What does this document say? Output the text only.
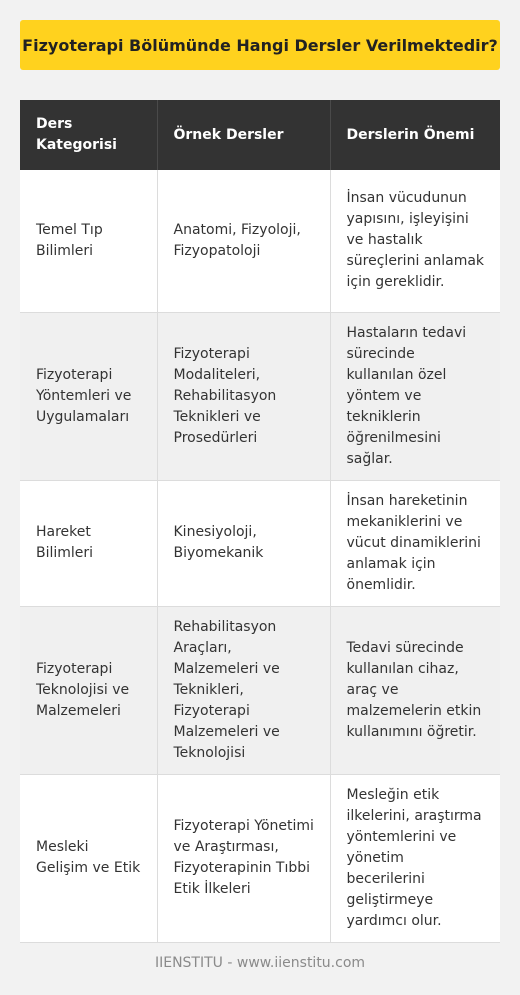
Fizyoterapi Bölümünde Hangi Dersler Verilmektedir?
Ders Kategorisi	Örnek Dersler	Derslerin Önemi
Temel Tıp Bilimleri	Anatomi, Fizyoloji, Fizyopatoloji	İnsan vücudunun yapısını, işleyişini ve hastalık süreçlerini anlamak için gereklidir.
Fizyoterapi Yöntemleri ve Uygulamaları	Fizyoterapi Modaliteleri, Rehabilitasyon Teknikleri ve Prosedürleri	Hastaların tedavi sürecinde kullanılan özel yöntem ve tekniklerin öğrenilmesini sağlar.
Hareket Bilimleri	Kinesiyoloji, Biyomekanik	İnsan hareketinin mekaniklerini ve vücut dinamiklerini anlamak için önemlidir.
Fizyoterapi Teknolojisi ve Malzemeleri	Rehabilitasyon Araçları, Malzemeleri ve Teknikleri, Fizyoterapi Malzemeleri ve Teknolojisi	Tedavi sürecinde kullanılan cihaz, araç ve malzemelerin etkin kullanımını öğretir.
Mesleki Gelişim ve Etik	Fizyoterapi Yönetimi ve Araştırması, Fizyoterapinin Tıbbi Etik İlkeleri	Mesleğin etik ilkelerini, araştırma yöntemlerini ve yönetim becerilerini geliştirmeye yardımcı olur.
IIENSTITU - www.iienstitu.com
